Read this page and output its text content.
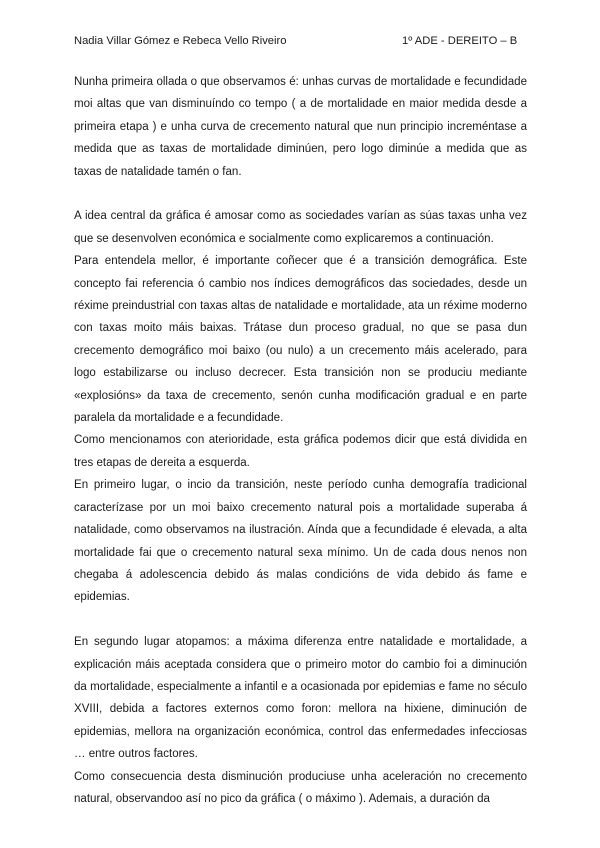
Nadia Villar Gómez e Rebeca Vello Riveiro	1º ADE - DEREITO – B

Nunha primeira ollada o que observamos é: unhas curvas de mortalidade e fecundidade moi altas que van disminuíndo co tempo ( a de mortalidade en maior medida desde a primeira etapa ) e unha curva de crecemento natural que nun principio increméntase a medida que as taxas de mortalidade diminúen, pero logo diminúe a medida que as taxas de natalidade tamén o fan.

A idea central da gráfica é amosar como as sociedades varían as súas taxas unha vez que se desenvolven económica e socialmente como explicaremos a continuación.

Para entendela mellor, é importante coñecer que é a transición demográfica. Este concepto fai referencia ó cambio nos índices demográficos das sociedades, desde un réxime preindustrial con taxas altas de natalidade e mortalidade, ata un réxime moderno con taxas moito máis baixas. Trátase dun proceso gradual, no que se pasa dun crecemento demográfico moi baixo (ou nulo) a un crecemento máis acelerado, para logo estabilizarse ou incluso decrecer. Esta transición non se produciu mediante «explosións» da taxa de crecemento, senón cunha modificación gradual e en parte paralela da mortalidade e a fecundidade.

Como mencionamos con aterioridade, esta gráfica podemos dicir que está dividida en tres etapas de dereita a esquerda.

En primeiro lugar, o incio da transición, neste período cunha demografía tradicional caracterízase por un moi baixo crecemento natural pois a mortalidade superaba á natalidade, como observamos na ilustración. Aínda que a fecundidade é elevada, a alta mortalidade fai que o crecemento natural sexa mínimo. Un de cada dous nenos non chegaba á adolescencia debido ás malas condicións de vida debido ás fame e epidemias.

En segundo lugar atopamos: a máxima diferenza entre natalidade e mortalidade, a explicación máis aceptada considera que o primeiro motor do cambio foi a diminución da mortalidade, especialmente a infantil e a ocasionada por epidemias e fame no século XVIII, debida a factores externos como foron: mellora na hixiene, diminución de epidemias, mellora na organización económica, control das enfermedades infecciosas … entre outros factores.

Como consecuencia desta disminución produciuse unha aceleración no crecemento natural, observandoo así no pico da gráfica ( o máximo ). Ademais, a duración da
